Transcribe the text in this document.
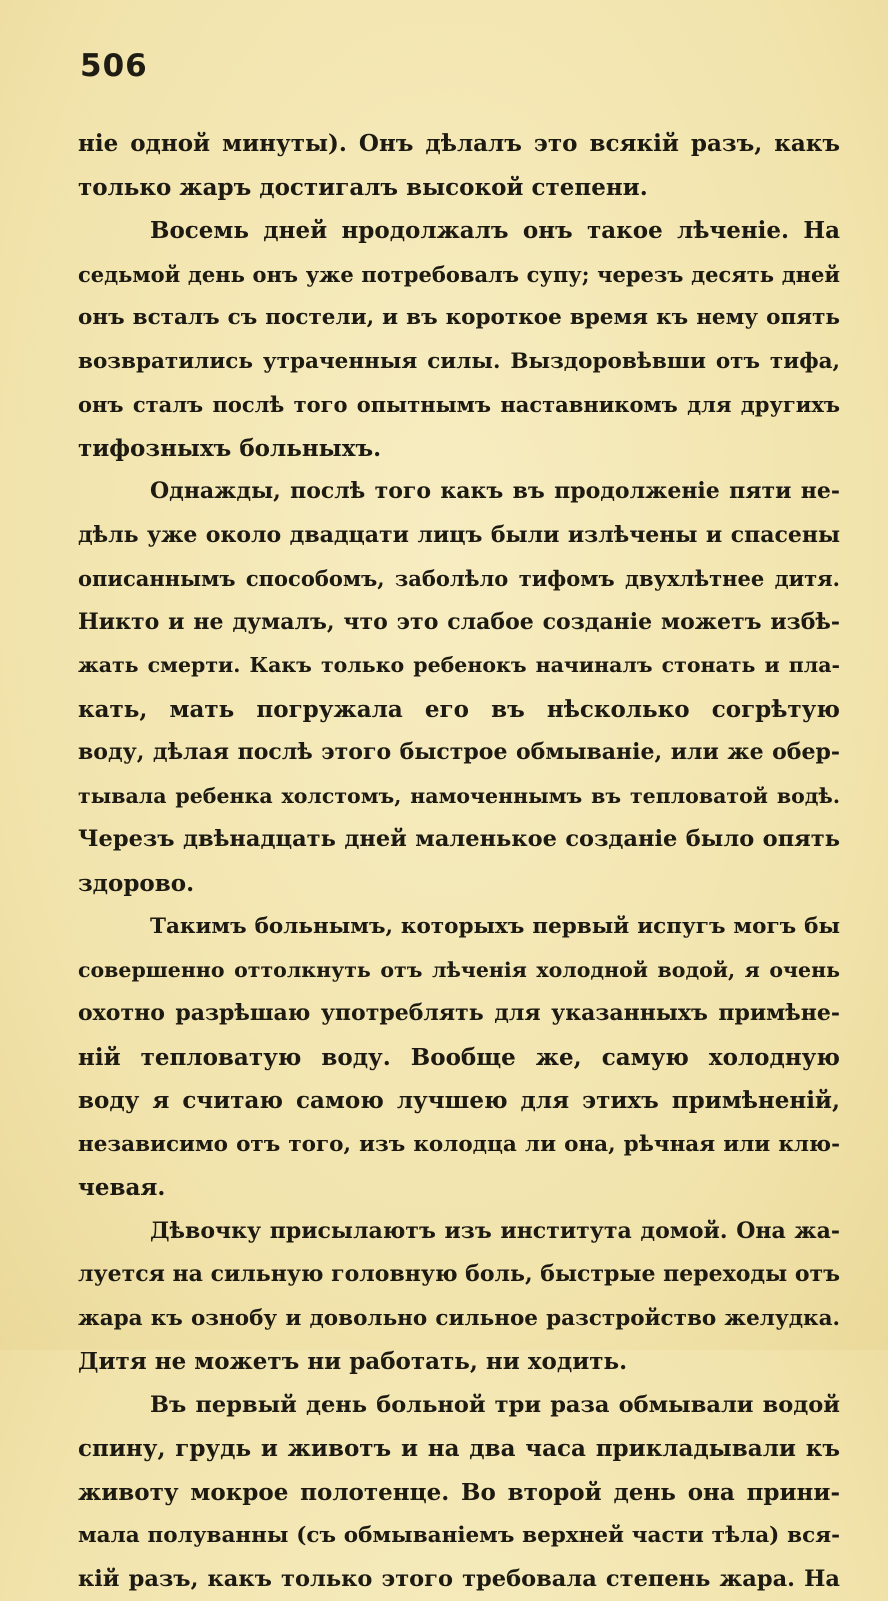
506
ніе одной минуты). Онъ дѣлалъ это всякій разъ, какъ
только жаръ достигалъ высокой степени.
Восемь дней нродолжалъ онъ такое лѣченіе. На
седьмой день онъ уже потребовалъ супу; черезъ десять дней
онъ всталъ съ постели, и въ короткое время къ нему опять
возвратились утраченныя силы. Выздоровѣвши отъ тифа,
онъ сталъ послѣ того опытнымъ наставникомъ для другихъ
тифозныхъ больныхъ.
Однажды, послѣ того какъ въ продолженіе пяти не-
дѣль уже около двадцати лицъ были излѣчены и спасены
описаннымъ способомъ, заболѣло тифомъ двухлѣтнее дитя.
Никто и не думалъ, что это слабое созданіе можетъ избѣ-
жать смерти. Какъ только ребенокъ начиналъ стонать и пла-
кать, мать погружала его въ нѣсколько согрѣтую
воду, дѣлая послѣ этого быстрое обмываніе, или же обер-
тывала ребенка холстомъ, намоченнымъ въ тепловатой водѣ.
Черезъ двѣнадцать дней маленькое созданіе было опять
здорово.
Такимъ больнымъ, которыхъ первый испугъ могъ бы
совершенно оттолкнуть отъ лѣченія холодной водой, я очень
охотно разрѣшаю употреблять для указанныхъ примѣне-
ній тепловатую воду. Вообще же, самую холодную
воду я считаю самою лучшею для этихъ примѣненій,
независимо отъ того, изъ колодца ли она, рѣчная или клю-
чевая.
Дѣвочку присылаютъ изъ института домой. Она жа-
луется на сильную головную боль, быстрые переходы отъ
жара къ ознобу и довольно сильное разстройство желудка.
Дитя не можетъ ни работать, ни ходить.
Въ первый день больной три раза обмывали водой
спину, грудь и животъ и на два часа прикладывали къ
животу мокрое полотенце. Во второй день она прини-
мала полуванны (съ обмываніемъ верхней части тѣла) вся-
кій разъ, какъ только этого требовала степень жара. На
